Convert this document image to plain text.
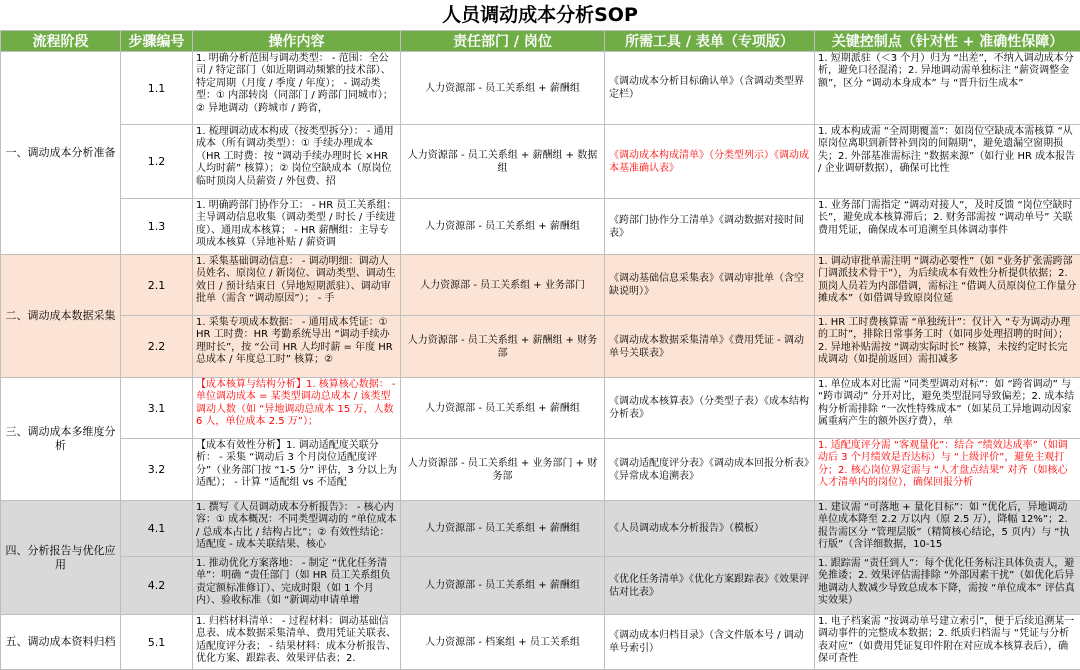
人员调动成本分析SOP
流程阶段	步骤编号	操作内容	责任部门 / 岗位	所需工具 / 表单（专项版）	关键控制点（针对性 + 准确性保障）
一、调动成本分析准备	1.1	1. 明确分析范围与调动类型： - 范围：全公司 / 特定部门（如近期调动频繁的技术部）、特定周期（月度 / 季度 / 年度）； - 调动类型：① 内部转岗（同部门 / 跨部门同城市）； ② 异地调动（跨城市 / 跨省，	人力资源部 - 员工关系组 + 薪酬组	《调动成本分析目标确认单》（含调动类型界定栏）	1. 短期派驻（＜3 个月）归为 “出差”，不纳入调动成本分析，避免口径混淆；2. 异地调动需单独标注 “薪资调整金额”，区分 “调动本身成本” 与 “晋升衍生成本”

	1.2	1. 梳理调动成本构成（按类型拆分）： - 通用成本（所有调动类型）：① 手续办理成本（HR 工时费：按 “调动手续办理时长 ×HR 人均时薪” 核算）；② 岗位空缺成本（原岗位临时顶岗人员薪资 / 外包费、招	人力资源部 - 员工关系组 + 薪酬组 + 数据组	《调动成本构成清单》（分类型列示）《调动成本基准确认表》	1. 成本构成需 “全周期覆盖”：如岗位空缺成本需核算 “从原岗位离职到新替补到岗的间隔期”，避免遗漏空窗期损失；2. 外部基准需标注 “数据来源”（如行业 HR 成本报告 / 企业调研数据），确保可比性

	1.3	1. 明确跨部门协作分工： - HR 员工关系组：主导调动信息收集（调动类型 / 时长 / 手续进度）、通用成本核算； - HR 薪酬组：主导专项成本核算（异地补贴 / 薪资调	人力资源部 - 员工关系组 + 薪酬组	《跨部门协作分工清单》《调动数据对接时间表》	1. 业务部门需指定 “调动对接人”，及时反馈 “岗位空缺时长”，避免成本核算滞后；2. 财务部需按 “调动单号” 关联费用凭证，确保成本可追溯至具体调动事件

二、调动成本数据采集	2.1	1. 采集基础调动信息： - 调动明细：调动人员姓名、原岗位 / 新岗位、调动类型、调动生效日 / 预计结束日（异地短期派驻）、调动审批单（需含 “调动原因”）； - 手	人力资源部 - 员工关系组 + 业务部门	《调动基础信息采集表》《调动审批单（含空缺说明）》	1. 调动审批单需注明 “调动必要性”（如 “业务扩张需跨部门调派技术骨干”），为后续成本有效性分析提供依据；2. 顶岗人员若为内部借调，需标注 “借调人员原岗位工作量分摊成本”（如借调导致原岗位延

	2.2	1. 采集专项成本数据： - 通用成本凭证：① HR 工时费：HR 考勤系统导出 “调动手续办理时长”，按 “公司 HR 人均时薪 = 年度 HR 总成本 / 年度总工时” 核算；②	人力资源部 - 员工关系组 + 薪酬组 + 财务部	《调动成本数据采集清单》《费用凭证 - 调动单号关联表》	1. HR 工时费核算需 “单独统计”：仅计入 “专为调动办理的工时”，排除日常事务工时（如同步处理招聘的时间）；2. 异地补贴需按 “调动实际时长” 核算，未按约定时长完成调动（如提前返回）需扣减多

三、调动成本多维度分析	3.1	【成本核算与结构分析】1. 核算核心数据： - 单位调动成本 = 某类型调动总成本 / 该类型调动人数（如 “异地调动总成本 15 万，人数 6 人，单位成本 2.5 万”）；	人力资源部 - 员工关系组 + 薪酬组	《调动成本核算表》（分类型子表）《成本结构分析表》	1. 单位成本对比需 “同类型调动对标”：如 “跨省调动” 与 “跨市调动” 分开对比，避免类型混同导致偏差；2. 成本结构分析需排除 “一次性特殊成本”（如某员工异地调动因家属重病产生的额外医疗费），单

	3.2	【成本有效性分析】1. 调动适配度关联分析： - 采集 “调动后 3 个月岗位适配度评分”（业务部门按 “1-5 分” 评估，3 分以上为适配）； - 计算 “适配组 vs 不适配	人力资源部 - 员工关系组 + 业务部门 + 财务部	《调动适配度评分表》《调动成本回报分析表》《异常成本追溯表》	1. 适配度评分需 “客观量化”：结合 “绩效达成率”（如调动后 3 个月绩效是否达标）与 “上级评价”，避免主观打分；2. 核心岗位界定需与 “人才盘点结果” 对齐（如核心人才清单内的岗位），确保回报分析

四、分析报告与优化应用	4.1	1. 撰写《人员调动成本分析报告》： - 核心内容：① 成本概况：不同类型调动的 “单位成本 / 总成本占比 / 结构占比”；② 有效性结论：适配度 - 成本关联结果、核心	人力资源部 - 员工关系组 + 薪酬组	《人员调动成本分析报告》（模板）	1. 建议需 “可落地 + 量化目标”：如 “优化后，异地调动单位成本降至 2.2 万以内（原 2.5 万），降幅 12%”；2. 报告需区分 “管理层版”（精简核心结论，5 页内）与 “执行版”（含详细数据，10-15

	4.2	1. 推动优化方案落地： - 制定 “优化任务清单”：明确 “责任部门（如 HR 员工关系组负责定额标准修订）、完成时限（如 1 个月内）、验收标准（如 “新调动申请单增	人力资源部 - 员工关系组 + 薪酬组	《优化任务清单》《优化方案跟踪表》《效果评估对比表》	1. 跟踪需 “责任到人”：每个优化任务标注具体负责人，避免推诿；2. 效果评估需排除 “外部因素干扰”（如优化后异地调动人数减少导致总成本下降，需按 “单位成本” 评估真实效果）

五、调动成本资料归档	5.1	1. 归档材料清单： - 过程材料：调动基础信息表、成本数据采集清单、费用凭证关联表、适配度评分表； - 结果材料：成本分析报告、优化方案、跟踪表、效果评估表；2.	人力资源部 - 档案组 + 员工关系组	《调动成本归档目录》（含文件版本号 / 调动单号索引）	1. 电子档案需 “按调动单号建立索引”，便于后续追溯某一调动事件的完整成本数据；2. 纸质归档需与 “凭证与分析表对应”（如费用凭证复印件附在对应成本核算表后），确保可查性
